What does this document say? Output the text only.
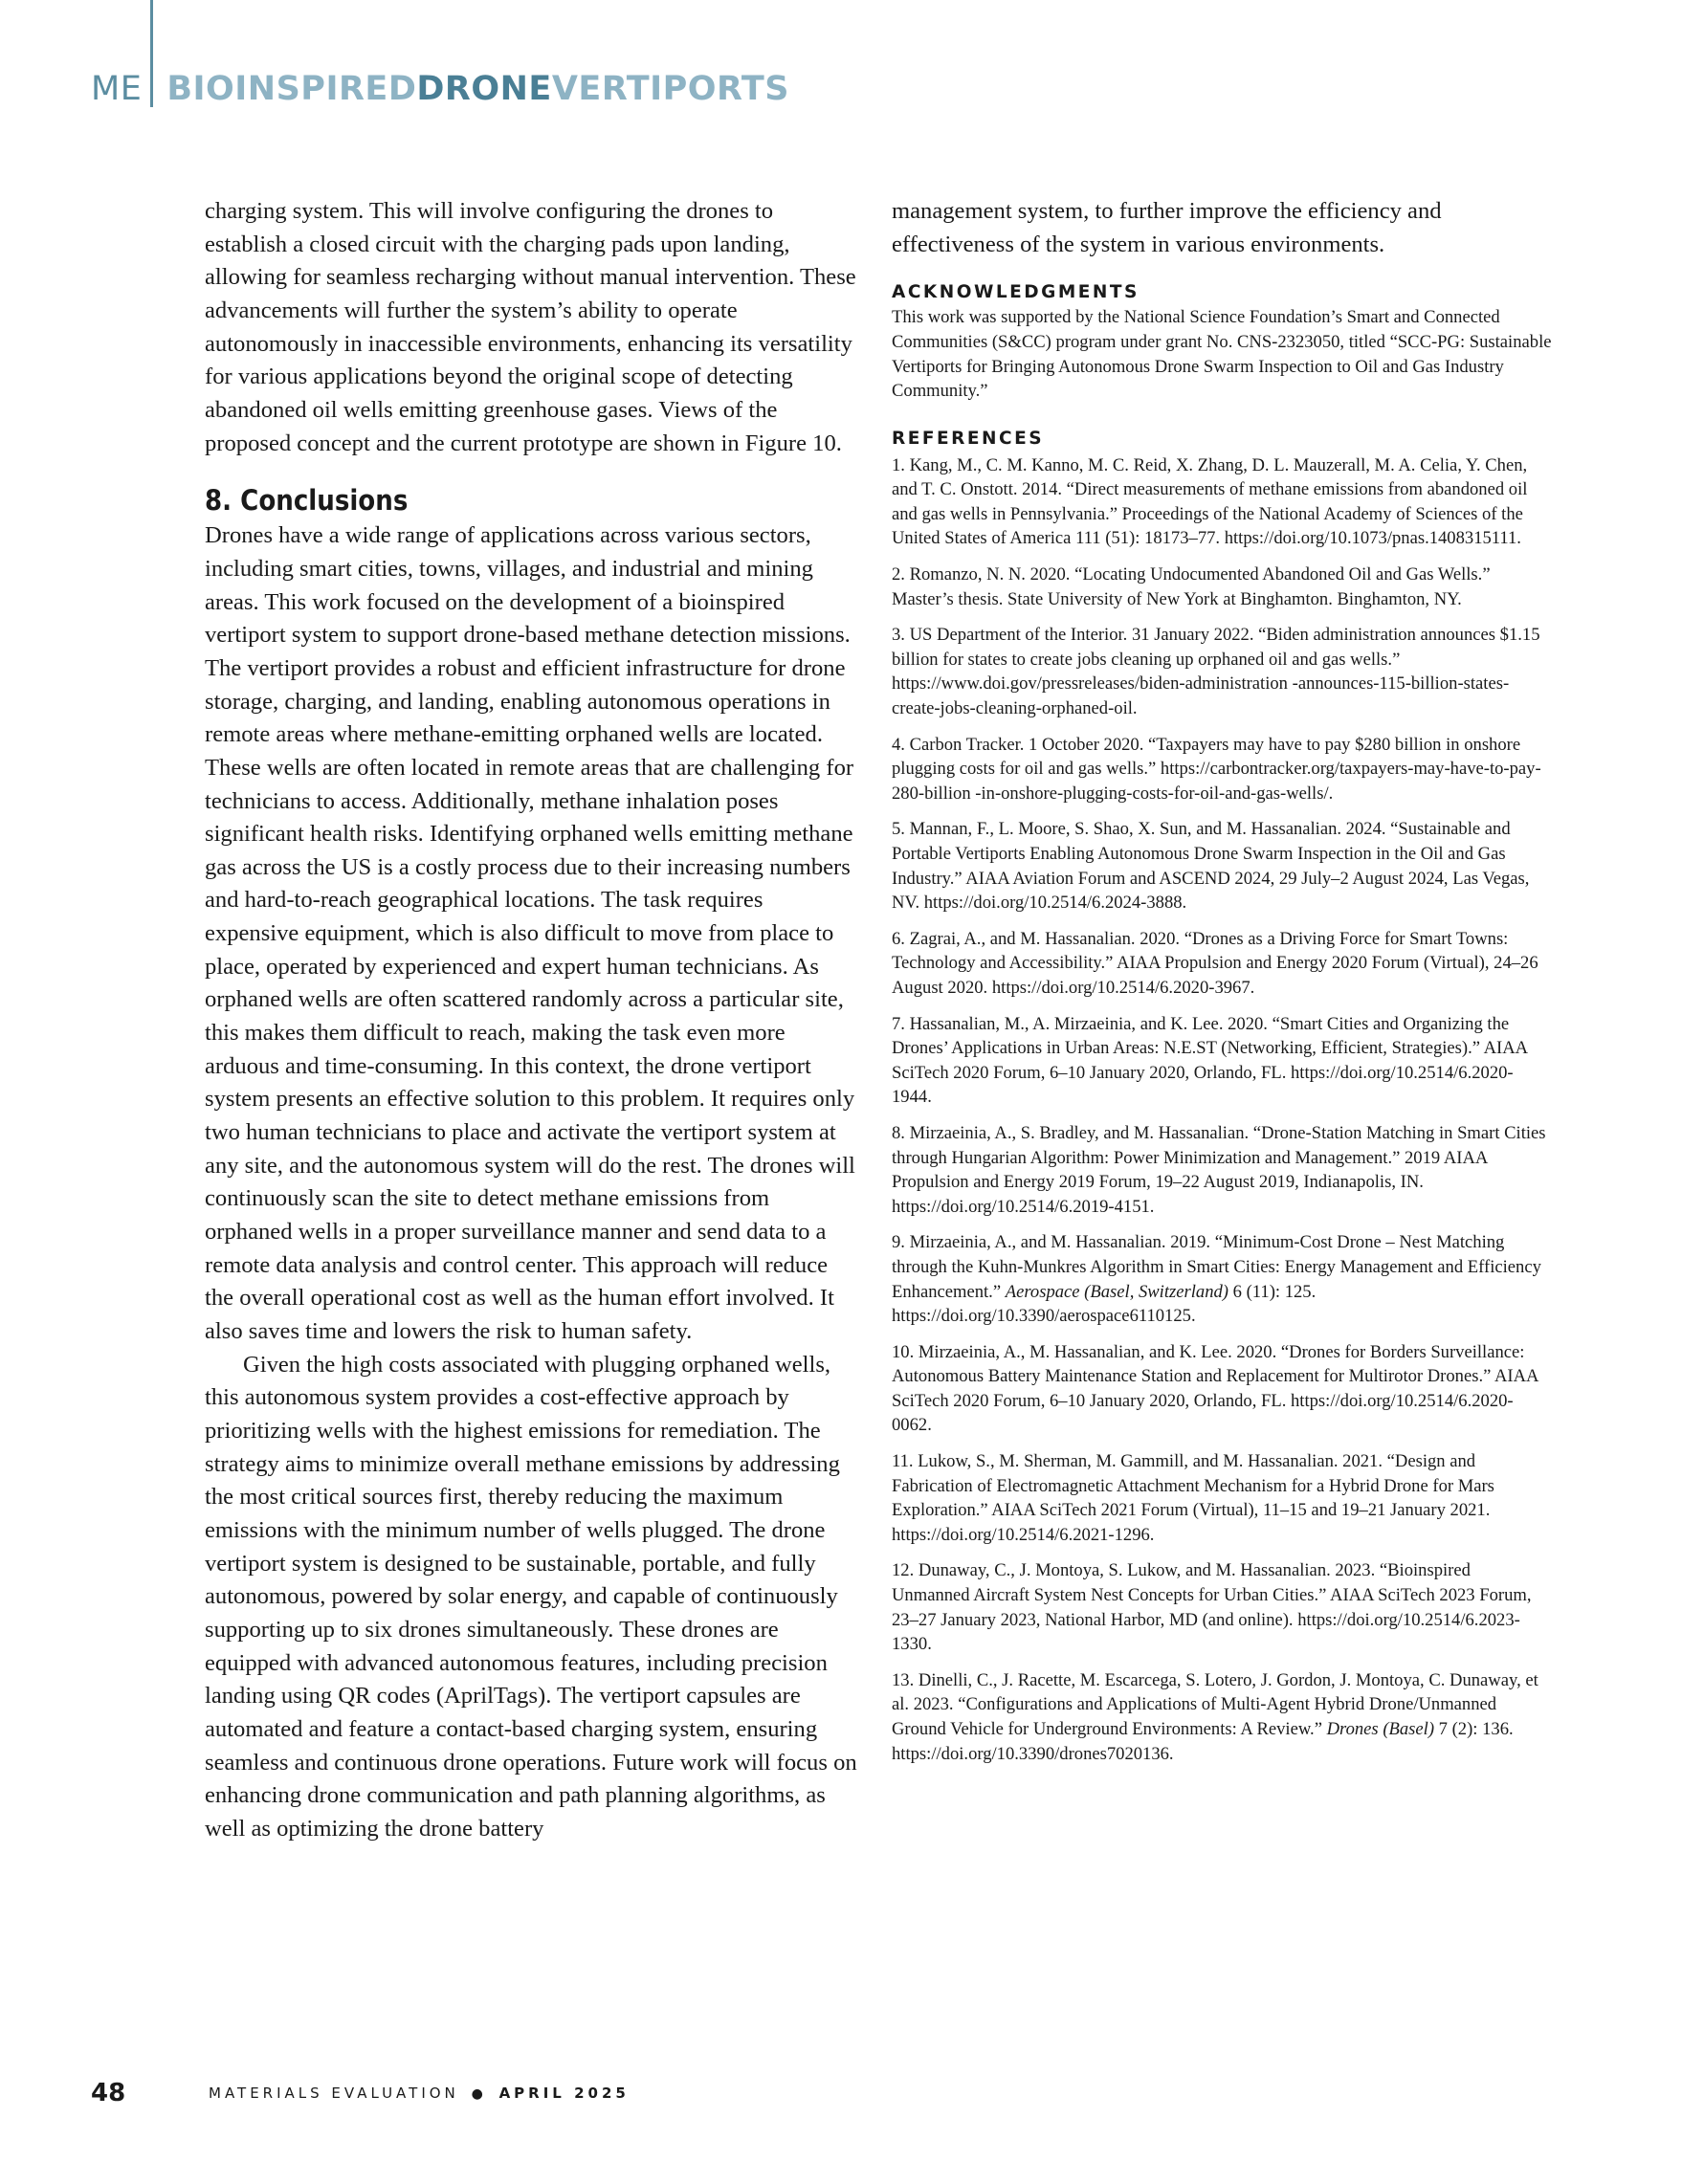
ME BIOINSPIRED DRONE VERTIPORTS

charging system. This will involve configuring the drones to establish a closed circuit with the charging pads upon landing, allowing for seamless recharging without manual intervention. These advancements will further the system’s ability to operate autonomously in inaccessible environments, enhancing its versatility for various applications beyond the original scope of detecting abandoned oil wells emitting greenhouse gases. Views of the proposed concept and the current prototype are shown in Figure 10.

8. Conclusions

Drones have a wide range of applications across various sectors, including smart cities, towns, villages, and industrial and mining areas. This work focused on the development of a bioinspired vertiport system to support drone-based methane detection missions. The vertiport provides a robust and efficient infrastructure for drone storage, charging, and landing, enabling autonomous operations in remote areas where methane-emitting orphaned wells are located. These wells are often located in remote areas that are challenging for technicians to access. Additionally, methane inhalation poses significant health risks. Identifying orphaned wells emitting methane gas across the US is a costly process due to their increasing numbers and hard-to-reach geographical locations. The task requires expensive equipment, which is also difficult to move from place to place, operated by experienced and expert human technicians. As orphaned wells are often scattered randomly across a particular site, this makes them difficult to reach, making the task even more arduous and time-consuming. In this context, the drone vertiport system presents an effective solution to this problem. It requires only two human technicians to place and activate the vertiport system at any site, and the autonomous system will do the rest. The drones will continuously scan the site to detect methane emissions from orphaned wells in a proper surveillance manner and send data to a remote data analysis and control center. This approach will reduce the overall operational cost as well as the human effort involved. It also saves time and lowers the risk to human safety.

Given the high costs associated with plugging orphaned wells, this autonomous system provides a cost-effective approach by prioritizing wells with the highest emissions for remediation. The strategy aims to minimize overall methane emissions by addressing the most critical sources first, thereby reducing the maximum emissions with the minimum number of wells plugged. The drone vertiport system is designed to be sustainable, portable, and fully autonomous, powered by solar energy, and capable of continuously supporting up to six drones simultaneously. These drones are equipped with advanced autonomous features, including precision landing using QR codes (AprilTags). The vertiport capsules are automated and feature a contact-based charging system, ensuring seamless and continuous drone operations. Future work will focus on enhancing drone communication and path planning algorithms, as well as optimizing the drone battery

management system, to further improve the efficiency and effectiveness of the system in various environments.

ACKNOWLEDGMENTS

This work was supported by the National Science Foundation’s Smart and Connected Communities (S&CC) program under grant No. CNS-2323050, titled “SCC-PG: Sustainable Vertiports for Bringing Autonomous Drone Swarm Inspection to Oil and Gas Industry Community.”

REFERENCES
1. Kang, M., C. M. Kanno, M. C. Reid, X. Zhang, D. L. Mauzerall, M. A. Celia, Y. Chen, and T. C. Onstott. 2014. “Direct measurements of methane emissions from abandoned oil and gas wells in Pennsylvania.” Proceedings of the National Academy of Sciences of the United States of America 111 (51): 18173–77. https://doi.org/10.1073/pnas.1408315111.
2. Romanzo, N. N. 2020. “Locating Undocumented Abandoned Oil and Gas Wells.” Master’s thesis. State University of New York at Binghamton. Binghamton, NY.
3. US Department of the Interior. 31 January 2022. “Biden administration announces $1.15 billion for states to create jobs cleaning up orphaned oil and gas wells.” https://www.doi.gov/pressreleases/biden-administration -announces-115-billion-states-create-jobs-cleaning-orphaned-oil.
4. Carbon Tracker. 1 October 2020. “Taxpayers may have to pay $280 billion in onshore plugging costs for oil and gas wells.” https://carbontracker.org/taxpayers-may-have-to-pay-280-billion -in-onshore-plugging-costs-for-oil-and-gas-wells/.
5. Mannan, F., L. Moore, S. Shao, X. Sun, and M. Hassanalian. 2024. “Sustainable and Portable Vertiports Enabling Autonomous Drone Swarm Inspection in the Oil and Gas Industry.” AIAA Aviation Forum and ASCEND 2024, 29 July–2 August 2024, Las Vegas, NV. https://doi.org/10.2514/6.2024-3888.
6. Zagrai, A., and M. Hassanalian. 2020. “Drones as a Driving Force for Smart Towns: Technology and Accessibility.” AIAA Propulsion and Energy 2020 Forum (Virtual), 24–26 August 2020. https://doi.org/10.2514/6.2020-3967.
7. Hassanalian, M., A. Mirzaeinia, and K. Lee. 2020. “Smart Cities and Organizing the Drones’ Applications in Urban Areas: N.E.ST (Networking, Efficient, Strategies).” AIAA SciTech 2020 Forum, 6–10 January 2020, Orlando, FL. https://doi.org/10.2514/6.2020-1944.
8. Mirzaeinia, A., S. Bradley, and M. Hassanalian. “Drone-Station Matching in Smart Cities through Hungarian Algorithm: Power Minimization and Management.” 2019 AIAA Propulsion and Energy 2019 Forum, 19–22 August 2019, Indianapolis, IN. https://doi.org/10.2514/6.2019-4151.
9. Mirzaeinia, A., and M. Hassanalian. 2019. “Minimum-Cost Drone – Nest Matching through the Kuhn-Munkres Algorithm in Smart Cities: Energy Management and Efficiency Enhancement.” Aerospace (Basel, Switzerland) 6 (11): 125. https://doi.org/10.3390/aerospace6110125.
10. Mirzaeinia, A., M. Hassanalian, and K. Lee. 2020. “Drones for Borders Surveillance: Autonomous Battery Maintenance Station and Replacement for Multirotor Drones.” AIAA SciTech 2020 Forum, 6–10 January 2020, Orlando, FL. https://doi.org/10.2514/6.2020-0062.
11. Lukow, S., M. Sherman, M. Gammill, and M. Hassanalian. 2021. “Design and Fabrication of Electromagnetic Attachment Mechanism for a Hybrid Drone for Mars Exploration.” AIAA SciTech 2021 Forum (Virtual), 11–15 and 19–21 January 2021. https://doi.org/10.2514/6.2021-1296.
12. Dunaway, C., J. Montoya, S. Lukow, and M. Hassanalian. 2023. “Bioinspired Unmanned Aircraft System Nest Concepts for Urban Cities.” AIAA SciTech 2023 Forum, 23–27 January 2023, National Harbor, MD (and online). https://doi.org/10.2514/6.2023-1330.
13. Dinelli, C., J. Racette, M. Escarcega, S. Lotero, J. Gordon, J. Montoya, C. Dunaway, et al. 2023. “Configurations and Applications of Multi-Agent Hybrid Drone/Unmanned Ground Vehicle for Underground Environments: A Review.” Drones (Basel) 7 (2): 136. https://doi.org/10.3390/drones7020136.
48	MATERIALS EVALUATION ● APRIL 2025
